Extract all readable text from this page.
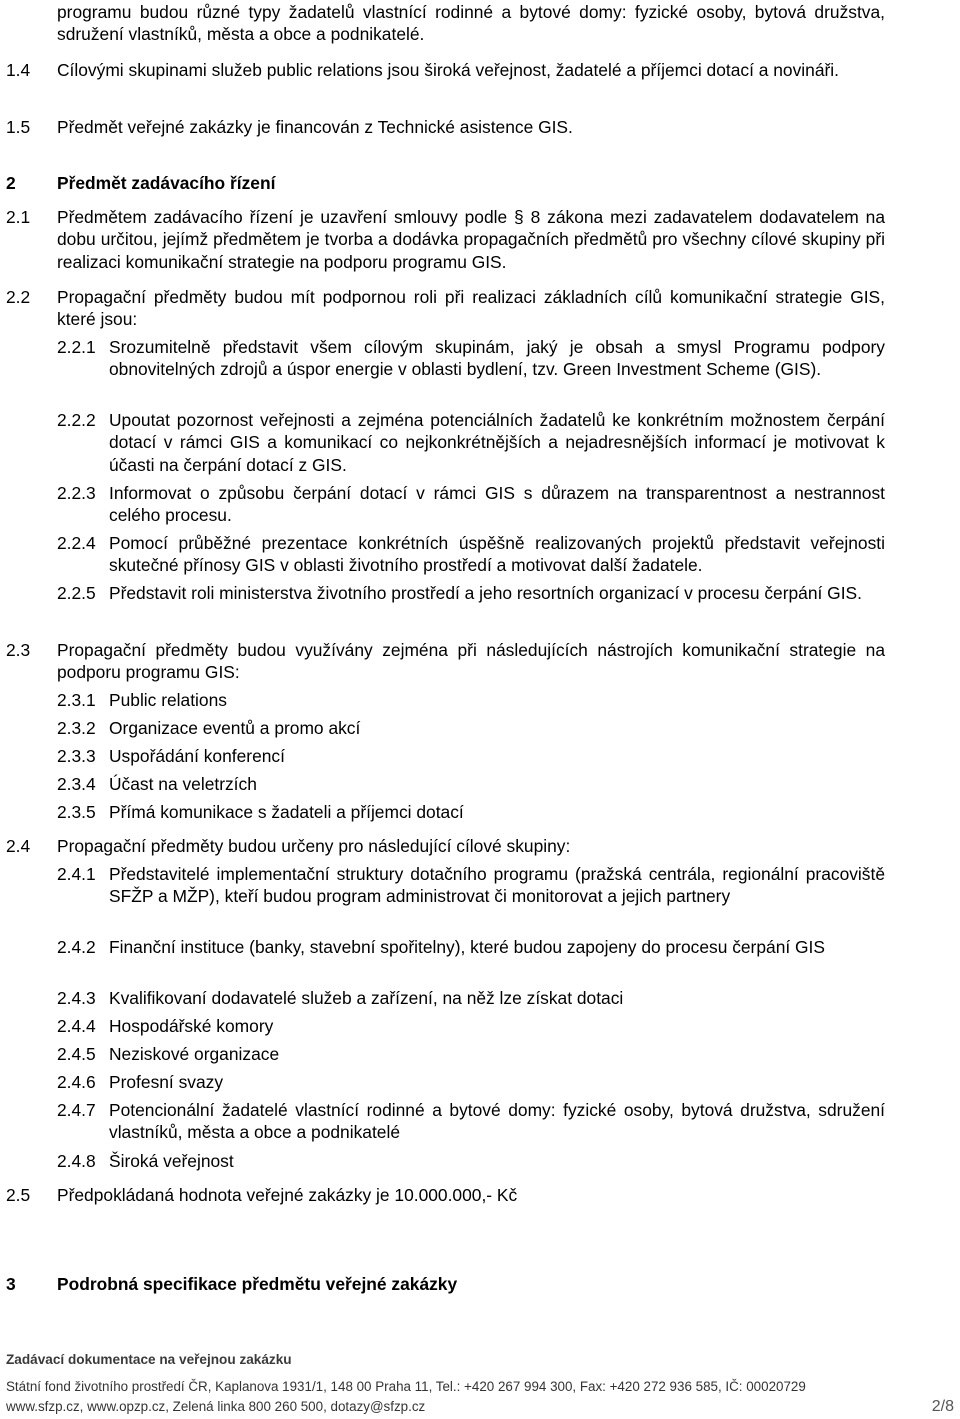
programu budou různé typy žadatelů vlastnící rodinné a bytové domy: fyzické osoby, bytová družstva, sdružení vlastníků, města a obce a podnikatelé.
1.4 Cílovými skupinami služeb public relations jsou široká veřejnost, žadatelé a příjemci dotací a novináři.
1.5 Předmět veřejné zakázky je financován z Technické asistence GIS.
2 Předmět zadávacího řízení
2.1 Předmětem zadávacího řízení je uzavření smlouvy podle § 8 zákona mezi zadavatelem dodavatelem na dobu určitou, jejímž předmětem je tvorba a dodávka propagačních předmětů pro všechny cílové skupiny při realizaci komunikační strategie na podporu programu GIS.
2.2 Propagační předměty budou mít podpornou roli při realizaci základních cílů komunikační strategie GIS, které jsou:
2.2.1 Srozumitelně představit všem cílovým skupinám, jaký je obsah a smysl Programu podpory obnovitelných zdrojů a úspor energie v oblasti bydlení, tzv. Green Investment Scheme (GIS).
2.2.2 Upoutat pozornost veřejnosti a zejména potenciálních žadatelů ke konkrétním možnostem čerpání dotací v rámci GIS a komunikací co nejkonkrétnějších a nejadresnějších informací je motivovat k účasti na čerpání dotací z GIS.
2.2.3 Informovat o způsobu čerpání dotací v rámci GIS s důrazem na transparentnost a nestrannost celého procesu.
2.2.4 Pomocí průběžné prezentace konkrétních úspěšně realizovaných projektů představit veřejnosti skutečné přínosy GIS v oblasti životního prostředí a motivovat další žadatele.
2.2.5 Představit roli ministerstva životního prostředí a jeho resortních organizací v procesu čerpání GIS.
2.3 Propagační předměty budou využívány zejména při následujících nástrojích komunikační strategie na podporu programu GIS:
2.3.1 Public relations
2.3.2 Organizace eventů a promo akcí
2.3.3 Uspořádání konferencí
2.3.4 Účast na veletrzích
2.3.5 Přímá komunikace s žadateli a příjemci dotací
2.4 Propagační předměty budou určeny pro následující cílové skupiny:
2.4.1 Představitelé implementační struktury dotačního programu (pražská centrála, regionální pracoviště SFŽP a MŽP), kteří budou program administrovat či monitorovat a jejich partnery
2.4.2 Finanční instituce (banky, stavební spořitelny), které budou zapojeny do procesu čerpání GIS
2.4.3 Kvalifikovaní dodavatelé služeb a zařízení, na něž lze získat dotaci
2.4.4 Hospodářské komory
2.4.5 Neziskové organizace
2.4.6 Profesní svazy
2.4.7 Potencionální žadatelé vlastnící rodinné a bytové domy: fyzické osoby, bytová družstva, sdružení vlastníků, města a obce a podnikatelé
2.4.8 Široká veřejnost
2.5 Předpokládaná hodnota veřejné zakázky je 10.000.000,- Kč
3 Podrobná specifikace předmětu veřejné zakázky
Zadávací dokumentace na veřejnou zakázku
Státní fond životního prostředí ČR, Kaplanova 1931/1, 148 00 Praha 11, Tel.: +420 267 994 300, Fax: +420 272 936 585, IČ: 00020729
www.sfzp.cz, www.opzp.cz, Zelená linka 800 260 500, dotazy@sfzp.cz	2/8
